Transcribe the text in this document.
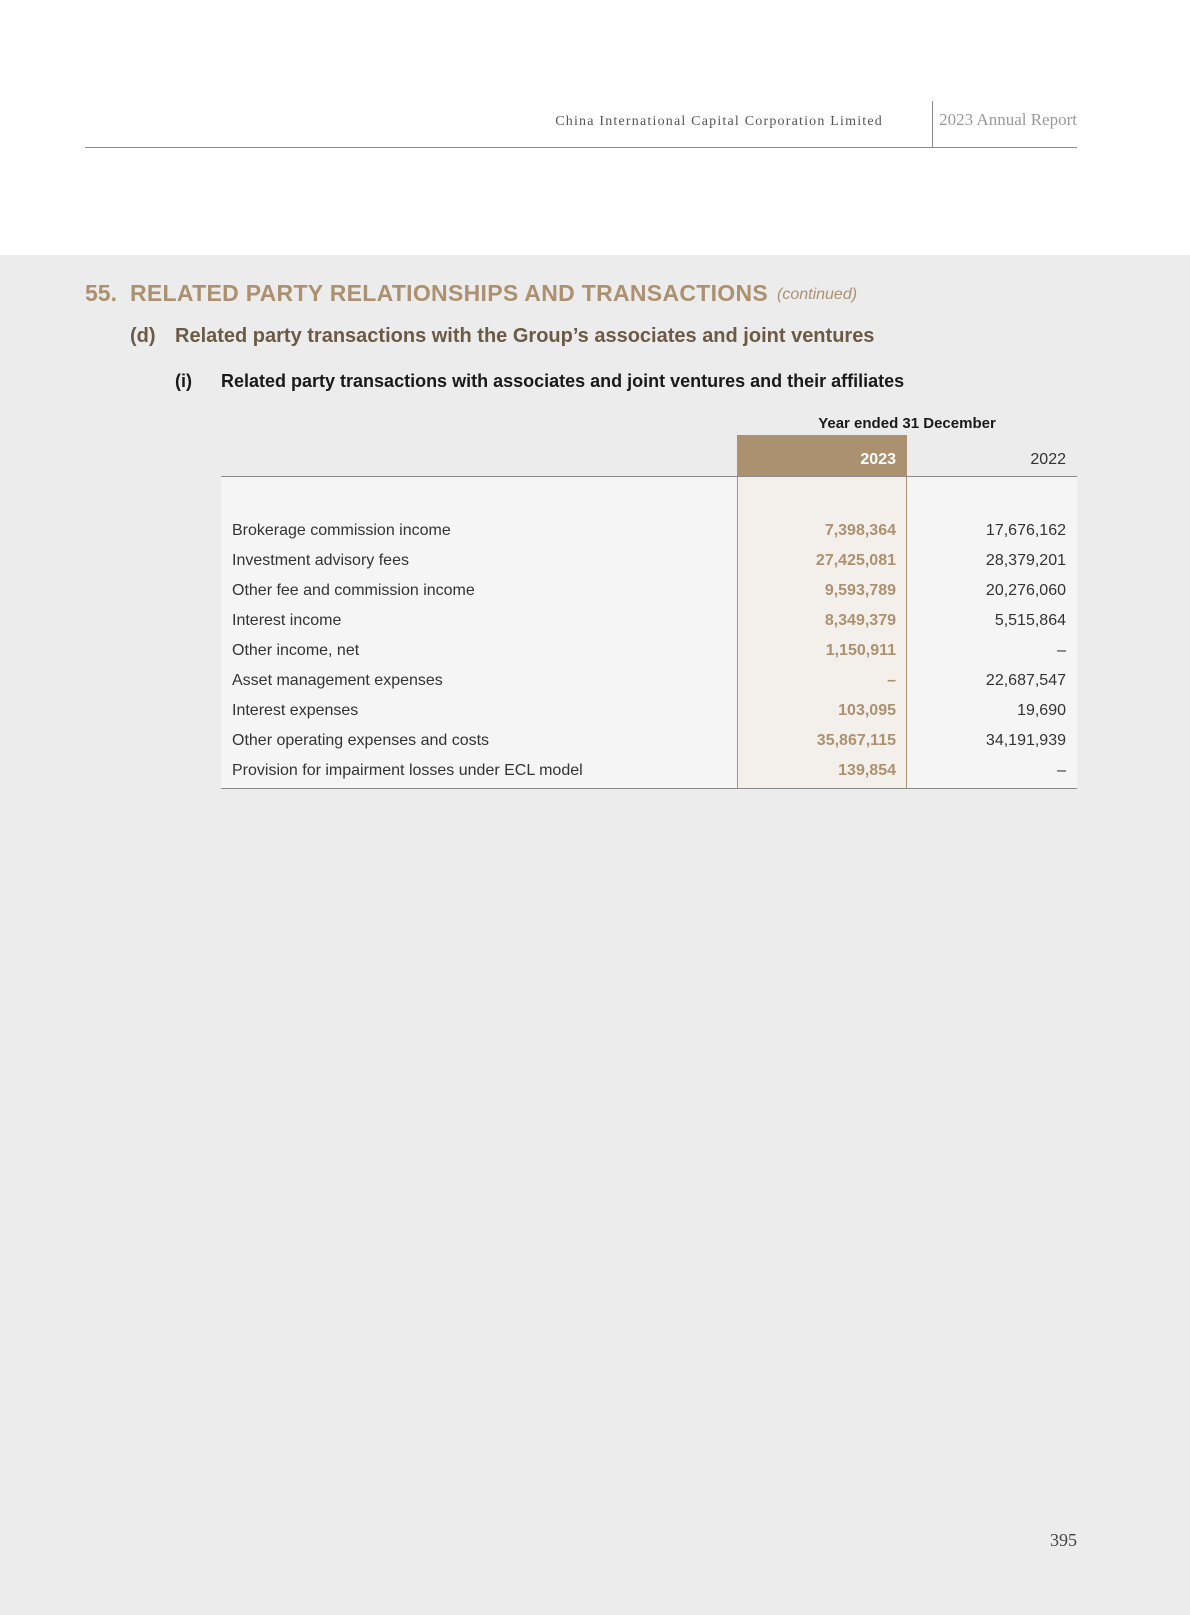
China International Capital Corporation Limited	2023 Annual Report
55. RELATED PARTY RELATIONSHIPS AND TRANSACTIONS (continued)
(d) Related party transactions with the Group’s associates and joint ventures
(i) Related party transactions with associates and joint ventures and their affiliates
Year ended 31 December
2023	2022
Brokerage commission income	7,398,364	17,676,162
Investment advisory fees	27,425,081	28,379,201
Other fee and commission income	9,593,789	20,276,060
Interest income	8,349,379	5,515,864
Other income, net	1,150,911	–
Asset management expenses	–	22,687,547
Interest expenses	103,095	19,690
Other operating expenses and costs	35,867,115	34,191,939
Provision for impairment losses under ECL model	139,854	–
395
